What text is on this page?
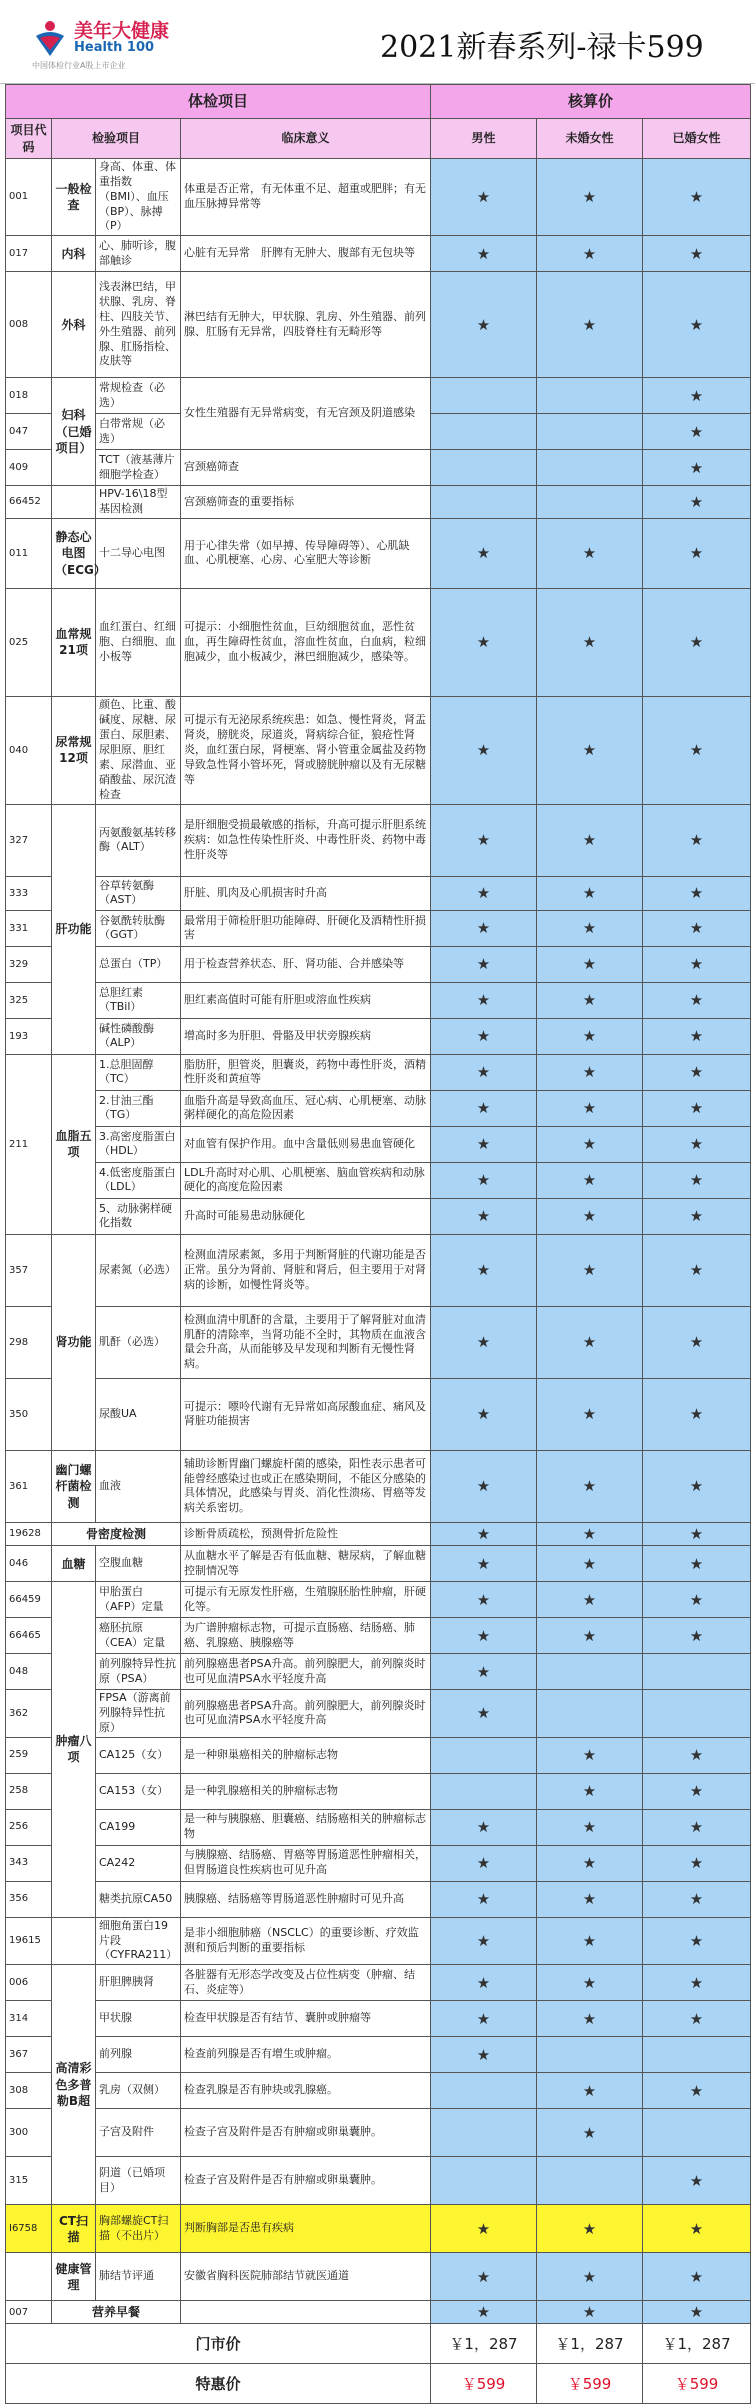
美年大健康
Health 100
中国体检行业A股上市企业
2021新春系列-禄卡599
体检项目				核算价		
项目代码	检验项目		临床意义	男性	未婚女性	已婚女性
001	一般检查	身高、体重、体重指数（BMI）、血压（BP）、脉搏（P）	体重是否正常，有无体重不足、超重或肥胖；有无血压脉搏异常等	★	★	★
017	内科	心、肺听诊，腹部触诊	心脏有无异常　肝脾有无肿大、腹部有无包块等	★	★	★
008	外科	浅表淋巴结，甲状腺、乳房、脊柱、四肢关节、外生殖器、前列腺、肛肠指检、皮肤等	淋巴结有无肿大，甲状腺、乳房、外生殖器、前列腺、肛肠有无异常，四肢脊柱有无畸形等	★	★	★
018	妇科（已婚项目）	常规检查（必选）	女性生殖器有无异常病变，有无宫颈及阴道感染			★
047		白带常规（必选）				★
409		TCT（液基薄片细胞学检查）	宫颈癌筛查			★
66452		HPV-16\18型基因检测	宫颈癌筛查的重要指标			★
011	静态心电图（ECG）	十二导心电图	用于心律失常（如早搏、传导障碍等）、心肌缺血、心肌梗塞、心房、心室肥大等诊断	★	★	★
025	血常规21项	血红蛋白、红细胞、白细胞、血小板等	可提示：小细胞性贫血，巨幼细胞贫血，恶性贫血，再生障碍性贫血，溶血性贫血，白血病，粒细胞减少，血小板减少，淋巴细胞减少，感染等。	★	★	★
040	尿常规12项	颜色、比重、酸碱度、尿糖、尿蛋白、尿胆素、尿胆原、胆红素、尿潜血、亚硝酸盐、尿沉渣检查	可提示有无泌尿系统疾患：如急、慢性肾炎，肾盂肾炎，膀胱炎，尿道炎，肾病综合征，狼疮性肾炎，血红蛋白尿，肾梗塞、肾小管重金属盐及药物导致急性肾小管坏死，肾或膀胱肿瘤以及有无尿糖等	★	★	★
327	肝功能	丙氨酸氨基转移酶（ALT）	是肝细胞受损最敏感的指标，升高可提示肝胆系统疾病：如急性传染性肝炎、中毒性肝炎、药物中毒性肝炎等	★	★	★
333		谷草转氨酶（AST）	肝脏、肌肉及心肌损害时升高	★	★	★
331		谷氨酰转肽酶（GGT）	最常用于筛检肝胆功能障碍、肝硬化及酒精性肝损害	★	★	★
329		总蛋白（TP）	用于检查营养状态、肝、肾功能、合并感染等	★	★	★
325		总胆红素（TBil）	胆红素高值时可能有肝胆或溶血性疾病	★	★	★
193		碱性磷酸酶（ALP）	增高时多为肝胆、骨骼及甲状旁腺疾病	★	★	★
211	血脂五项	1.总胆固醇（TC）	脂肪肝，胆管炎，胆囊炎，药物中毒性肝炎，酒精性肝炎和黄疸等	★	★	★
		2.甘油三酯（TG）	血脂升高是导致高血压、冠心病、心肌梗塞、动脉粥样硬化的高危险因素	★	★	★
		3.高密度脂蛋白（HDL）	对血管有保护作用。血中含量低则易患血管硬化	★	★	★
		4.低密度脂蛋白（LDL）	LDL升高时对心肌、心肌梗塞、脑血管疾病和动脉硬化的高度危险因素	★	★	★
		5、动脉粥样硬化指数	升高时可能易患动脉硬化	★	★	★
357	肾功能	尿素氮（必选）	检测血清尿素氮，多用于判断肾脏的代谢功能是否正常。虽分为肾前、肾脏和肾后，但主要用于对肾病的诊断，如慢性肾炎等。	★	★	★
298		肌酐（必选）	检测血清中肌酐的含量，主要用于了解肾脏对血清肌酐的清除率，当肾功能不全时，其物质在血液含量会升高，从而能够及早发现和判断有无慢性肾病。	★	★	★
350		尿酸UA	可提示：嘌呤代谢有无异常如高尿酸血症、痛风及肾脏功能损害	★	★	★
361	幽门螺杆菌检测	血液	辅助诊断胃幽门螺旋杆菌的感染，阳性表示患者可能曾经感染过也或正在感染期间，不能区分感染的具体情况，此感染与胃炎、消化性溃疡、胃癌等发病关系密切。	★	★	★
19628	骨密度检测		诊断骨质疏松，预测骨折危险性	★	★	★
046	血糖	空腹血糖	从血糖水平了解是否有低血糖、糖尿病，了解血糖控制情况等	★	★	★
66459	肿瘤八项	甲胎蛋白（AFP）定量	可提示有无原发性肝癌，生殖腺胚胎性肿瘤，肝硬化等。	★	★	★
66465		癌胚抗原（CEA）定量	为广谱肿瘤标志物，可提示直肠癌、结肠癌、肺癌、乳腺癌、胰腺癌等	★	★	★
048		前列腺特异性抗原（PSA）	前列腺癌患者PSA升高。前列腺肥大，前列腺炎时也可见血清PSA水平轻度升高	★		
362		FPSA（游离前列腺特异性抗原）	前列腺癌患者PSA升高。前列腺肥大，前列腺炎时也可见血清PSA水平轻度升高	★		
259		CA125（女）	是一种卵巢癌相关的肿瘤标志物		★	★
258		CA153（女）	是一种乳腺癌相关的肿瘤标志物		★	★
256		CA199	是一种与胰腺癌、胆囊癌、结肠癌相关的肿瘤标志物	★	★	★
343		CA242	与胰腺癌、结肠癌、胃癌等胃肠道恶性肿瘤相关，但胃肠道良性疾病也可见升高	★	★	★
356		糖类抗原CA50	胰腺癌、结肠癌等胃肠道恶性肿瘤时可见升高	★	★	★
19615		细胞角蛋白19片段（CYFRA211）	是非小细胞肺癌（NSCLC）的重要诊断、疗效监测和预后判断的重要指标	★	★	★
006	高清彩色多普勒B超	肝胆脾胰肾	各脏器有无形态学改变及占位性病变（肿瘤、结石、炎症等）	★	★	★
314		甲状腺	检查甲状腺是否有结节、囊肿或肿瘤等	★	★	★
367		前列腺	检查前列腺是否有增生或肿瘤。	★		
308		乳房（双侧）	检查乳腺是否有肿块或乳腺癌。		★	★
300		子宫及附件	检查子宫及附件是否有肿瘤或卵巢囊肿。		★	
315		阴道（已婚项目）	检查子宫及附件是否有肿瘤或卵巢囊肿。			★
I6758	CT扫描	胸部螺旋CT扫描（不出片）	判断胸部是否患有疾病	★	★	★
	健康管理	肺结节评通	安徽省胸科医院肺部结节就医通道	★	★	★
007	营养早餐			★	★	★
门市价				￥1，287	￥1，287	￥1，287
特惠价				￥599	￥599	￥599
